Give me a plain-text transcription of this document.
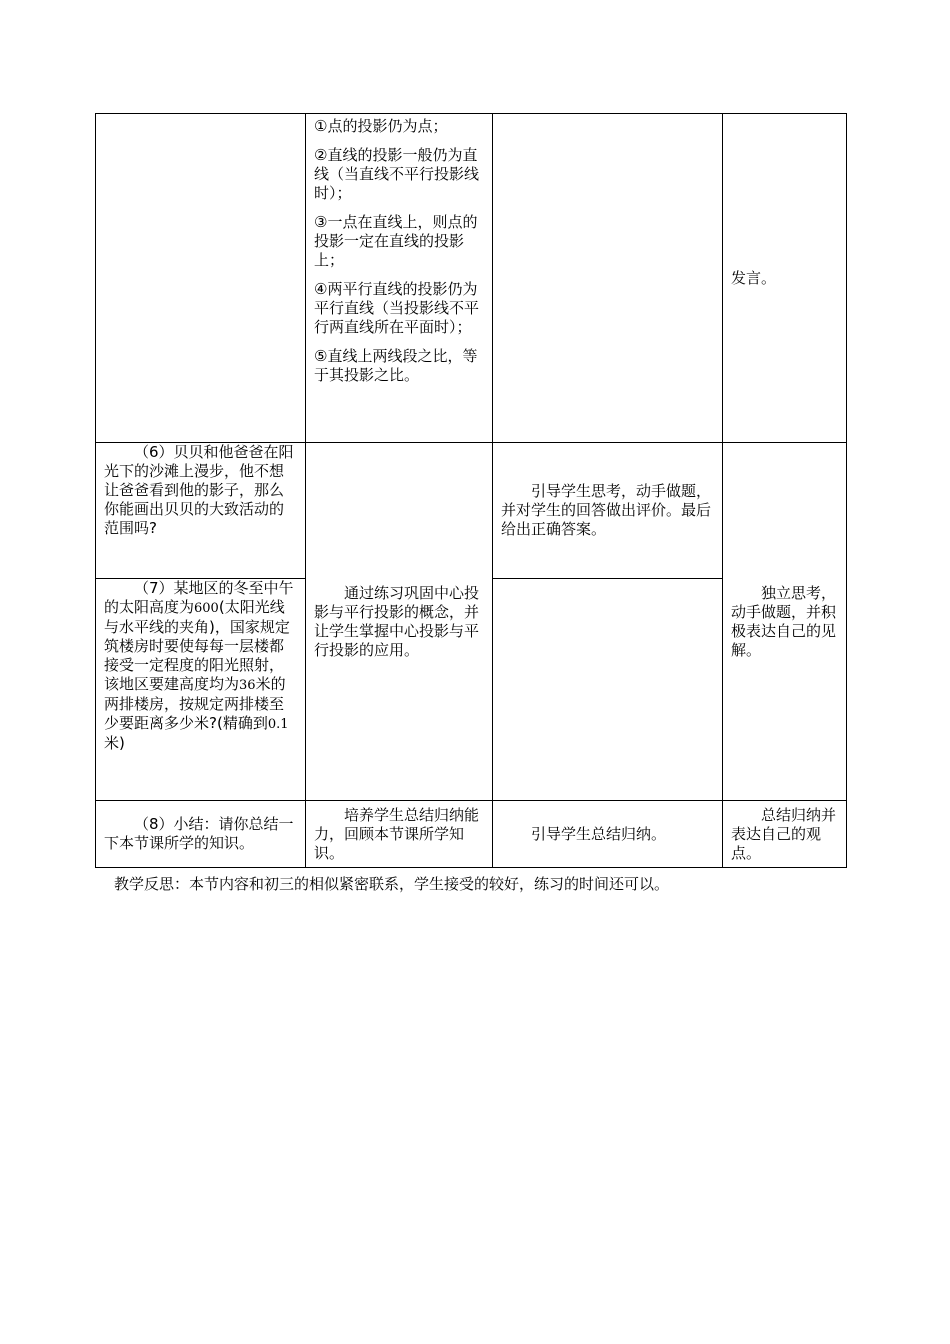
	①点的投影仍为点；

②直线的投影一般仍为直线（当直线不平行投影线时）；

③一点在直线上，则点的投影一定在直线的投影上；

④两平行直线的投影仍为平行直线（当投影线不平行两直线所在平面时）；

⑤直线上两线段之比，等于其投影之比。		发言。
（6）贝贝和他爸爸在阳光下的沙滩上漫步，他不想让爸爸看到他的影子，那么你能画出贝贝的大致活动的范围吗?	通过练习巩固中心投影与平行投影的概念，并让学生掌握中心投影与平行投影的应用。	引导学生思考，动手做题，并对学生的回答做出评价。最后给出正确答案。	独立思考，动手做题，并积极表达自己的见解。
（7）某地区的冬至中午的太阳高度为600(太阳光线与水平线的夹角)，国家规定筑楼房时要使每每一层楼都接受一定程度的阳光照射，该地区要建高度均为36米的两排楼房，按规定两排楼至少要距离多少米?(精确到0.1米)			
（8）小结：请你总结一下本节课所学的知识。	培养学生总结归纳能力，回顾本节课所学知识。	引导学生总结归纳。	总结归纳并表达自己的观点。
教学反思：本节内容和初三的相似紧密联系，学生接受的较好，练习的时间还可以。
